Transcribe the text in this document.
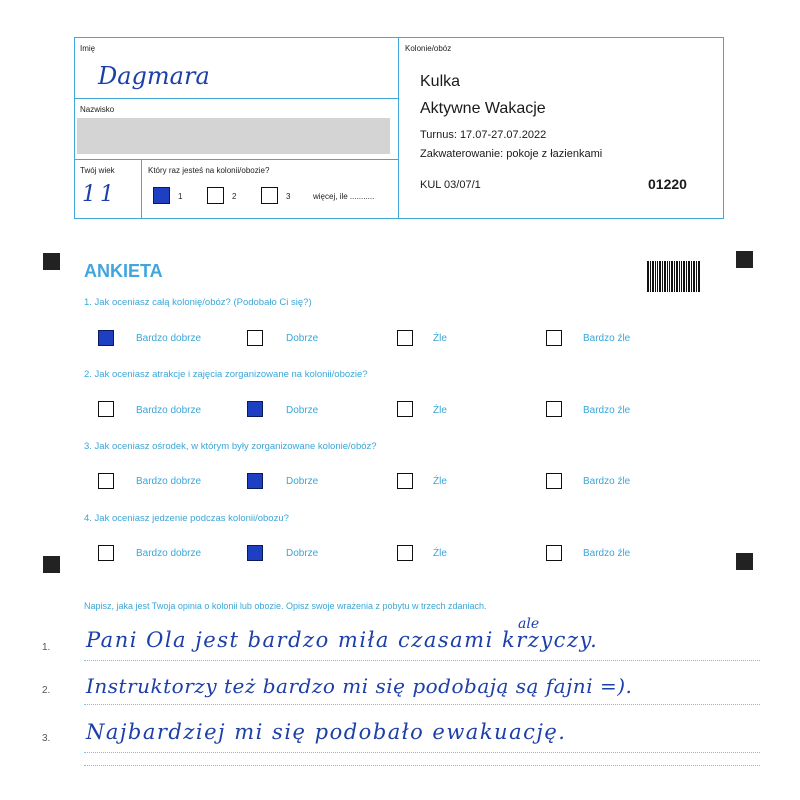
Imię
Dagmara
Nazwisko
Twój wiek
11
Który raz jesteś na kolonii/obozie?
1	2	3	więcej, ile ...........
Kolonie/obóz
Kulka
Aktywne Wakacje
Turnus: 17.07-27.07.2022
Zakwaterowanie: pokoje z łazienkami
KUL 03/07/1	01220
ANKIETA
1. Jak oceniasz całą kolonię/obóz? (Podobało Ci się?)
Bardzo dobrze	Dobrze	Źle	Bardzo źle
2. Jak oceniasz atrakcje i zajęcia zorganizowane na kolonii/obozie?
Bardzo dobrze	Dobrze	Źle	Bardzo źle
3. Jak oceniasz ośrodek, w którym były zorganizowane kolonie/obóz?
Bardzo dobrze	Dobrze	Źle	Bardzo źle
4. Jak oceniasz jedzenie podczas kolonii/obozu?
Bardzo dobrze	Dobrze	Źle	Bardzo źle
Napisz, jaka jest Twoja opinia o kolonii lub obozie. Opisz swoje wrażenia z pobytu w trzech zdaniach.
1.
ale
Pani Ola jest bardzo miła czasami krzyczy.
2. Instruktorzy też bardzo mi się podobają są fajni =).
3. Najbardziej mi się podobało ewakuację.
